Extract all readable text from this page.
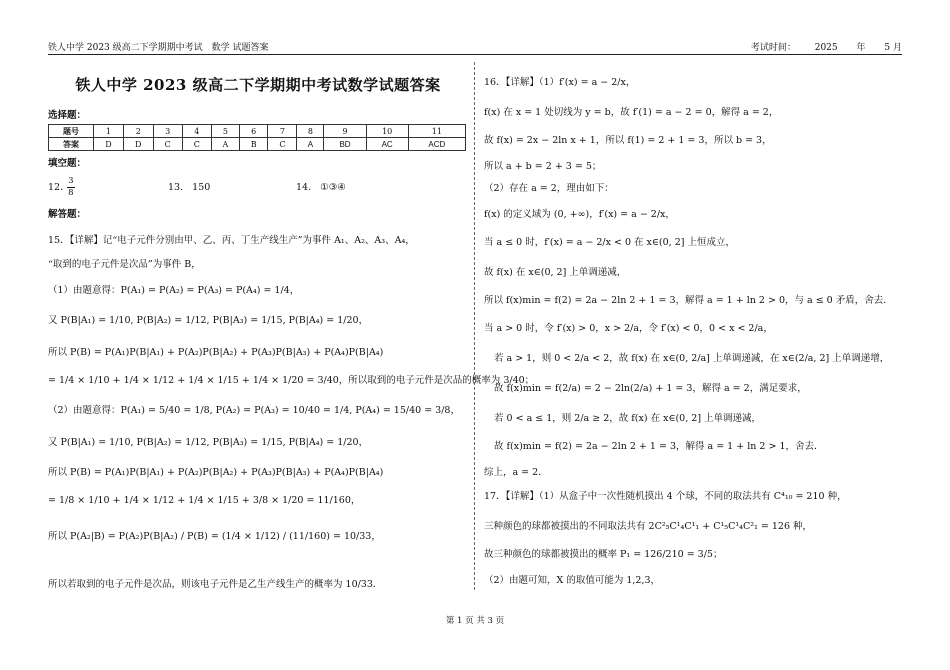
铁人中学 2023 级高二下学期期中考试　数学 试题答案	考试时间： 2025 年 5 月
铁人中学 2023 级高二下学期期中考试数学试题答案
选择题：
题号	1	2	3	4	5	6	7	8	9	10	11
答案	D	D	C	C	A	B	C	A	BD	AC	ACD
填空题：
12.
$\frac{3}{8}$	13.
150	14.
①③④
解答题：
15．【详解】记“电子元件分别由甲、乙、丙、丁生产线生产”为事件 A₁、A₂、A₃、A₄，
“取到的电子元件是次品”为事件 B，
（1）由题意得：P(A₁) = P(A₂) = P(A₃) = P(A₄) = 1/4，
又 P(B|A₁) = 1/10, P(B|A₂) = 1/12, P(B|A₃) = 1/15, P(B|A₄) = 1/20，
所以 P(B) = P(A₁)P(B|A₁) + P(A₂)P(B|A₂) + P(A₃)P(B|A₃) + P(A₄)P(B|A₄)
= 1/4 × 1/10 + 1/4 × 1/12 + 1/4 × 1/15 + 1/4 × 1/20 = 3/40，所以取到的电子元件是次品的概率为 3/40；
（2）由题意得：P(A₁) = 5/40 = 1/8, P(A₂) = P(A₃) = 10/40 = 1/4, P(A₄) = 15/40 = 3/8，
又 P(B|A₁) = 1/10, P(B|A₂) = 1/12, P(B|A₃) = 1/15, P(B|A₄) = 1/20，
所以 P(B) = P(A₁)P(B|A₁) + P(A₂)P(B|A₂) + P(A₃)P(B|A₃) + P(A₄)P(B|A₄)
= 1/8 × 1/10 + 1/4 × 1/12 + 1/4 × 1/15 + 3/8 × 1/20 = 11/160，
所以 P(A₂|B) = P(A₂)P(B|A₂) / P(B) = (1/4 × 1/12) / (11/160) = 10/33，
所以若取到的电子元件是次品，则该电子元件是乙生产线生产的概率为 10/33．
16．【详解】（1）f′(x) = a − 2/x，
f(x) 在 x = 1 处切线为 y = b，故 f′(1) = a − 2 = 0，解得 a = 2，
故 f(x) = 2x − 2ln x + 1，所以 f(1) = 2 + 1 = 3，所以 b = 3，
所以 a + b = 2 + 3 = 5；
（2）存在 a = 2，理由如下：
f(x) 的定义域为 (0, +∞)，f′(x) = a − 2/x，
当 a ≤ 0 时，f′(x) = a − 2/x < 0 在 x∈(0, 2] 上恒成立，
故 f(x) 在 x∈(0, 2] 上单调递减，
所以 f(x)min = f(2) = 2a − 2ln 2 + 1 = 3，解得 a = 1 + ln 2 > 0，与 a ≤ 0 矛盾，舍去．
当 a > 0 时，令 f′(x) > 0，x > 2/a，令 f′(x) < 0，0 < x < 2/a，
若 a > 1，则 0 < 2/a < 2，故 f(x) 在 x∈(0, 2/a] 上单调递减，在 x∈(2/a, 2] 上单调递增，
故 f(x)min = f(2/a) = 2 − 2ln(2/a) + 1 = 3，解得 a = 2，满足要求，
若 0 < a ≤ 1，则 2/a ≥ 2，故 f(x) 在 x∈(0, 2] 上单调递减，
故 f(x)min = f(2) = 2a − 2ln 2 + 1 = 3，解得 a = 1 + ln 2 > 1，舍去．
综上，a = 2．
17．【详解】（1）从盒子中一次性随机摸出 4 个球，不同的取法共有 C⁴₁₀ = 210 种，
三种颜色的球都被摸出的不同取法共有 2C²₅C¹₄C¹₁ + C¹₅C¹₄C²₁ = 126 种，
故三种颜色的球都被摸出的概率 P₁ = 126/210 = 3/5；
（2）由题可知，X 的取值可能为 1,2,3，
第 1 页 共 3 页
